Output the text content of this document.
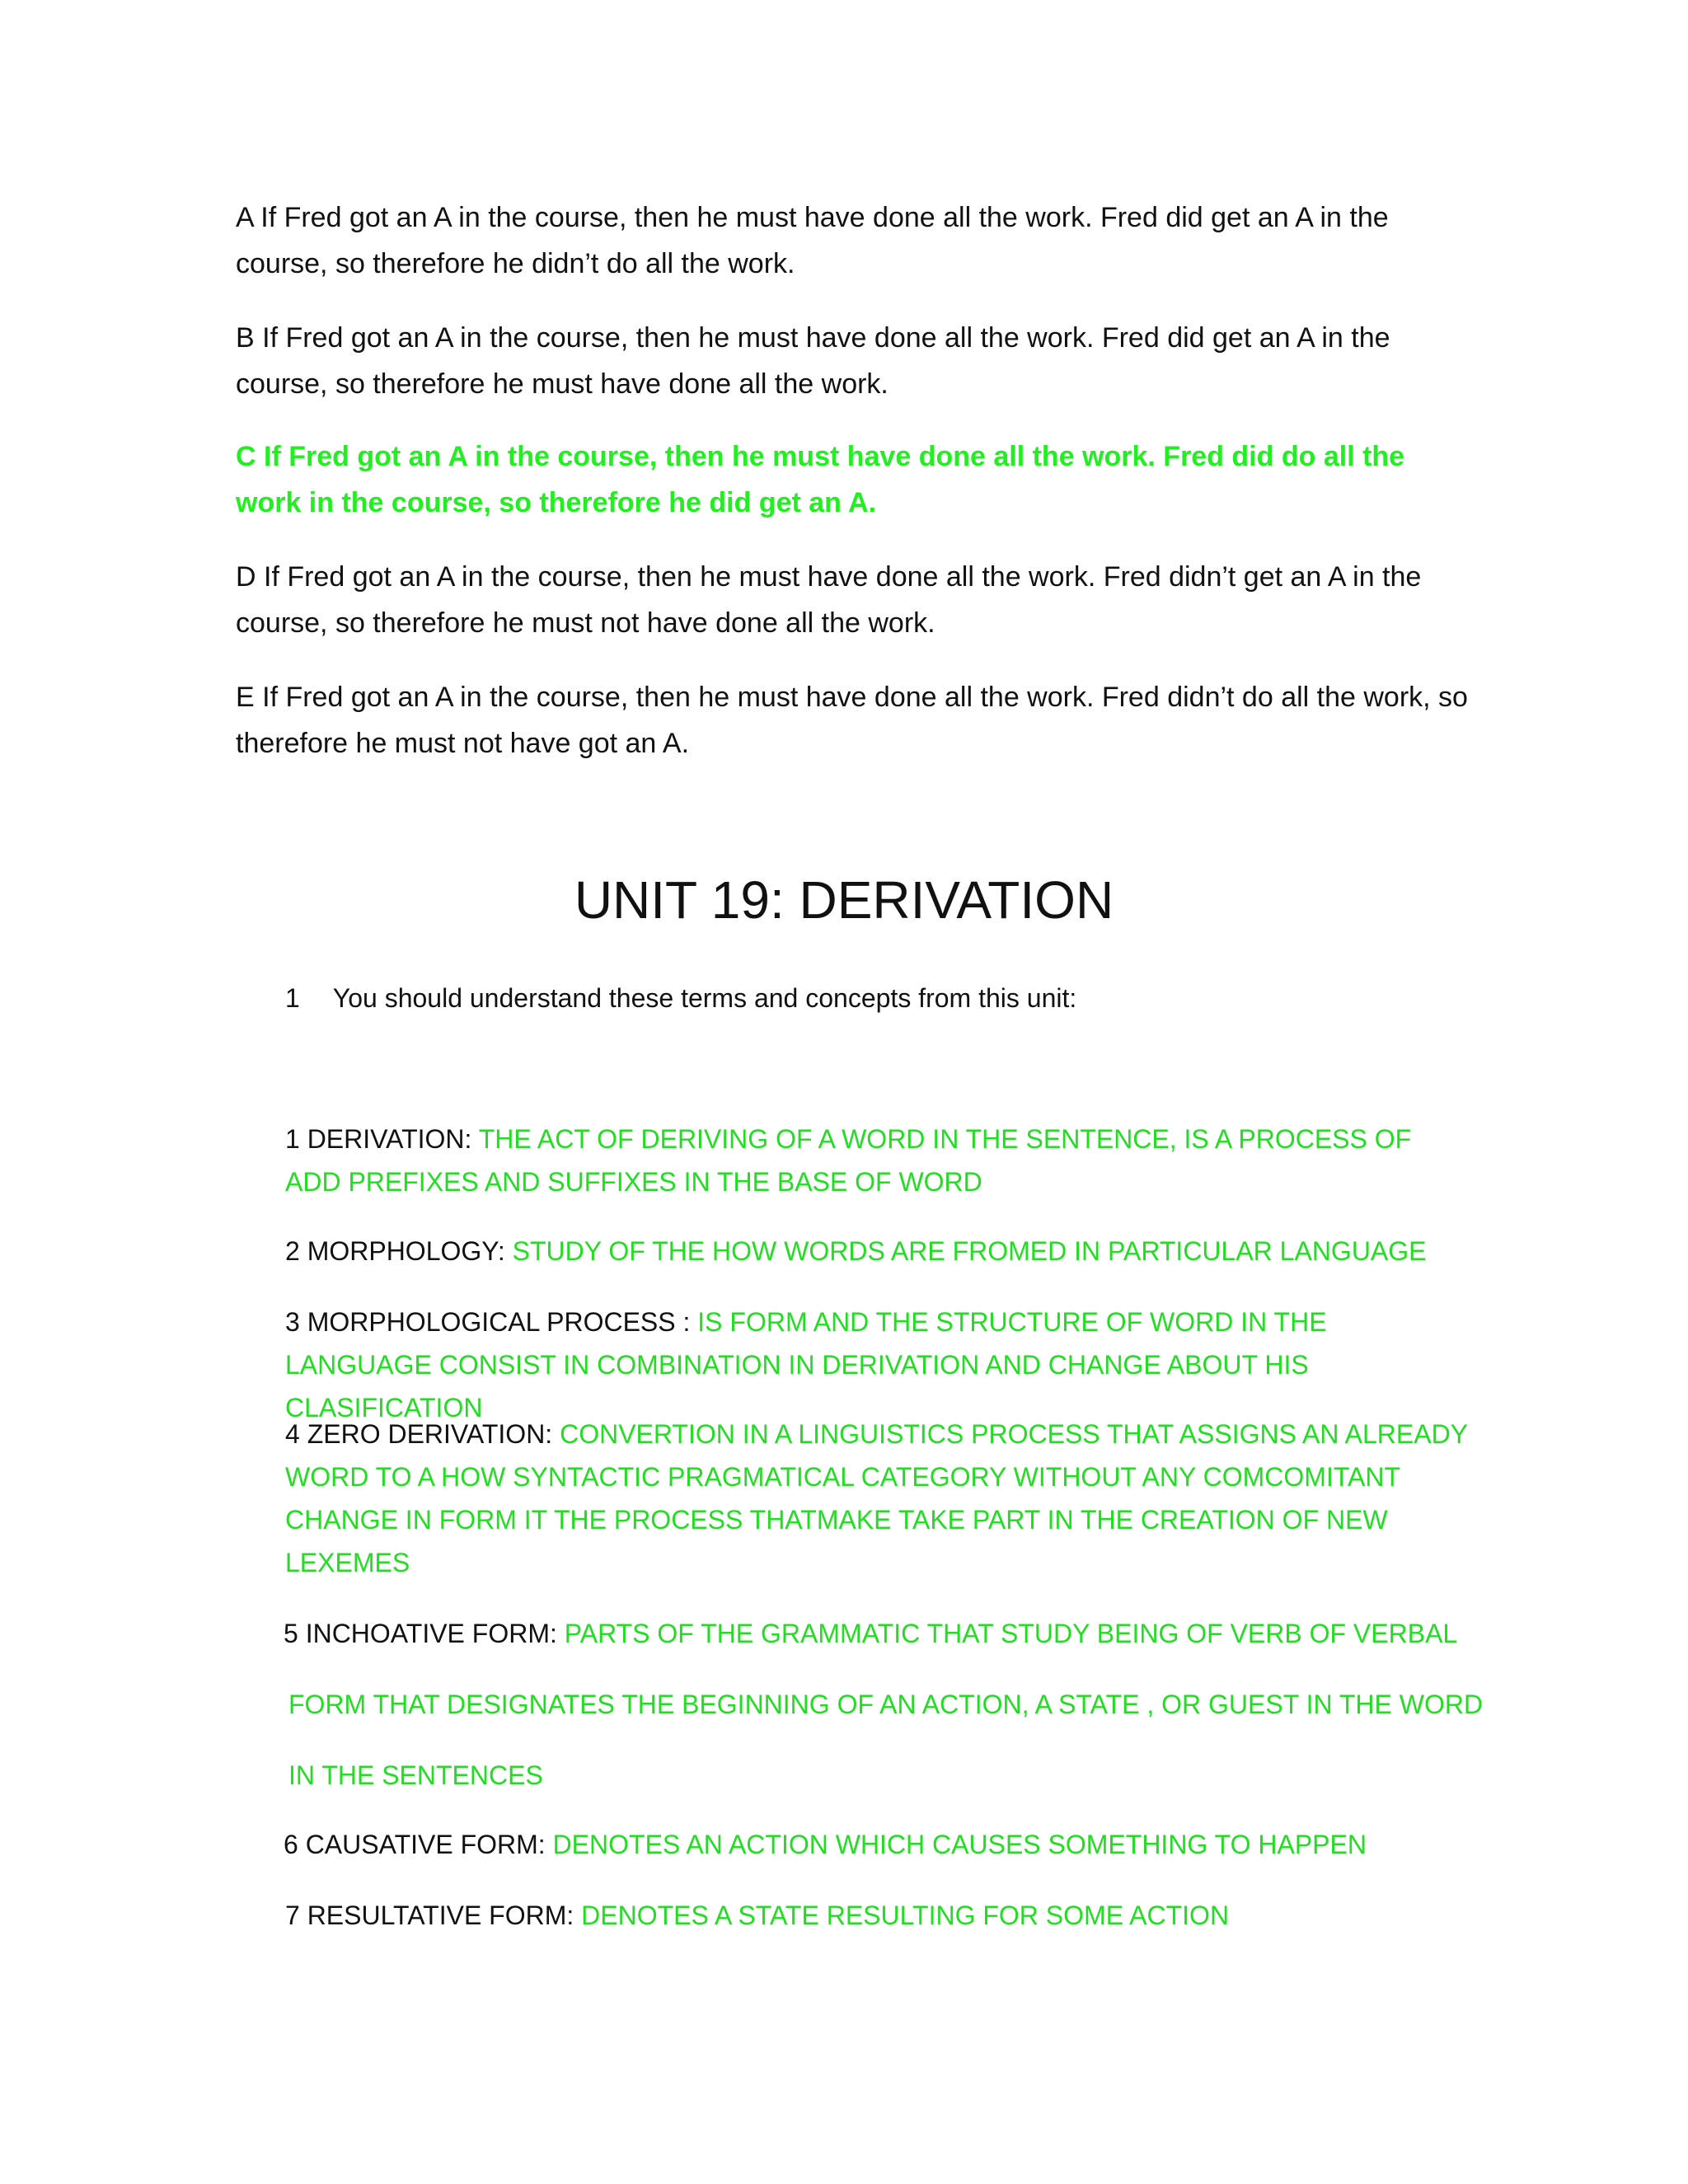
A If Fred got an A in the course, then he must have done all the work. Fred did get an A in the course, so therefore he didn’t do all the work.

B If Fred got an A in the course, then he must have done all the work. Fred did get an A in the course, so therefore he must have done all the work.

C If Fred got an A in the course, then he must have done all the work. Fred did do all the work in the course, so therefore he did get an A.

D If Fred got an A in the course, then he must have done all the work. Fred didn’t get an A in the course, so therefore he must not have done all the work.

E If Fred got an A in the course, then he must have done all the work. Fred didn’t do all the work, so therefore he must not have got an A.

UNIT 19: DERIVATION

1 You should understand these terms and concepts from this unit:

1 DERIVATION: THE ACT OF DERIVING OF A WORD IN THE SENTENCE, IS A PROCESS OF ADD PREFIXES AND SUFFIXES IN THE BASE OF WORD

2 MORPHOLOGY: STUDY OF THE HOW WORDS ARE FROMED IN PARTICULAR LANGUAGE

3 MORPHOLOGICAL PROCESS : IS FORM AND THE STRUCTURE OF WORD IN THE LANGUAGE CONSIST IN COMBINATION IN DERIVATION AND CHANGE ABOUT HIS CLASIFICATION

4 ZERO DERIVATION: CONVERTION IN A LINGUISTICS PROCESS THAT ASSIGNS AN ALREADY WORD TO A HOW SYNTACTIC PRAGMATICAL CATEGORY WITHOUT ANY COMCOMITANT CHANGE IN FORM IT THE PROCESS THATMAKE TAKE PART IN THE CREATION OF NEW LEXEMES

5 INCHOATIVE FORM: PARTS OF THE GRAMMATIC THAT STUDY BEING OF VERB OF VERBAL

FORM THAT DESIGNATES THE BEGINNING OF AN ACTION, A STATE , OR GUEST IN THE WORD

IN THE SENTENCES

6 CAUSATIVE FORM: DENOTES AN ACTION WHICH CAUSES SOMETHING TO HAPPEN

7 RESULTATIVE FORM: DENOTES A STATE RESULTING FOR SOME ACTION
